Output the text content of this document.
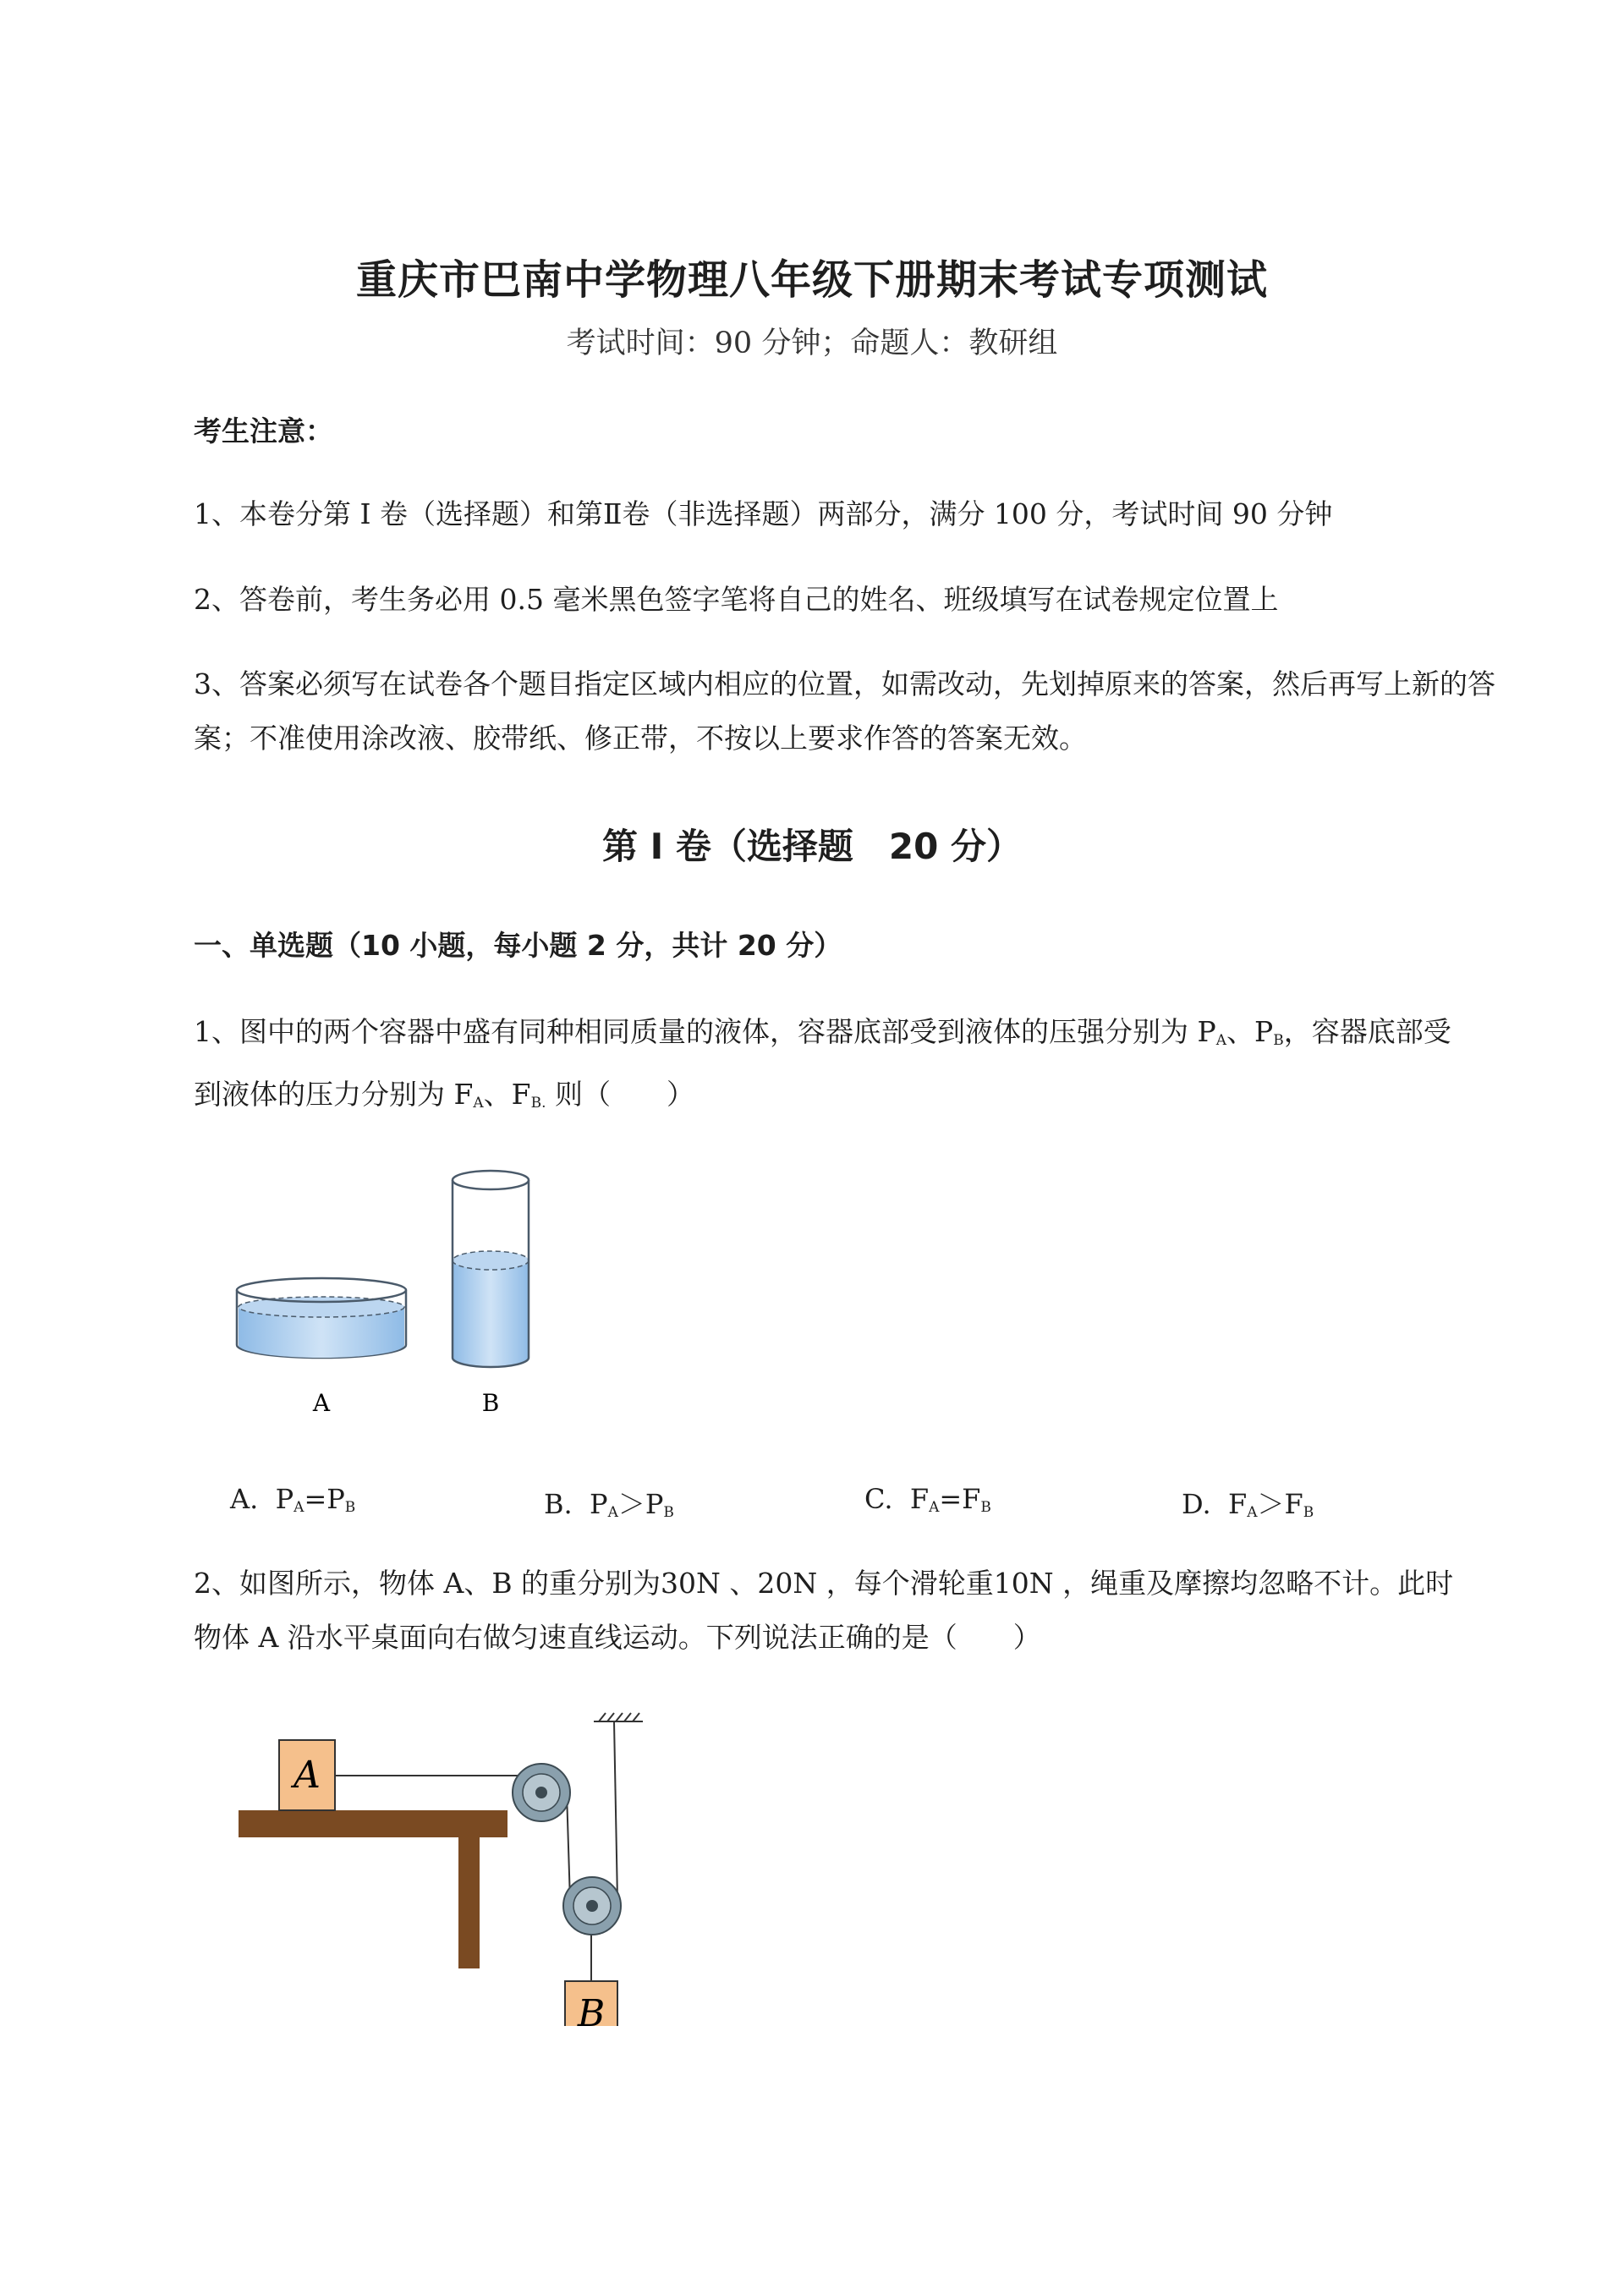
重庆市巴南中学物理八年级下册期末考试专项测试
考试时间：90 分钟；命题人：教研组
考生注意：
1、本卷分第 I 卷（选择题）和第Ⅱ卷（非选择题）两部分，满分 100 分，考试时间 90 分钟
2、答卷前，考生务必用 0.5 毫米黑色签字笔将自己的姓名、班级填写在试卷规定位置上
3、答案必须写在试卷各个题目指定区域内相应的位置，如需改动，先划掉原来的答案，然后再写上新的答案；不准使用涂改液、胶带纸、修正带，不按以上要求作答的答案无效。
第 I 卷（选择题　20 分）
一、单选题（10 小题，每小题 2 分，共计 20 分）
1、图中的两个容器中盛有同种相同质量的液体，容器底部受到液体的压强分别为 $P_A$、$P_B$，容器底部受
到液体的压力分别为 $F_A$、$F_{B.}$ 则（　　）
A	B
A. $P_A=P_B$	B. $P_A>P_B$	C. $F_A=F_B$	D. $F_A>F_B$
2、如图所示，物体 A、B 的重分别为30N 、20N ，每个滑轮重10N ，绳重及摩擦均忽略不计。此时
物体 A 沿水平桌面向右做匀速直线运动。下列说法正确的是（　　）
A
B
